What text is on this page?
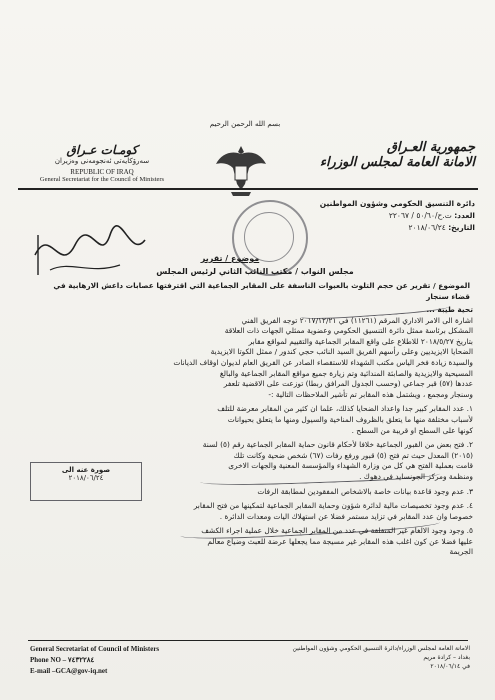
بسم الله الرحمن الرحيم
كومـات عـراق
سه‌رۆكایه‌تی ئه‌نجومه‌نی وه‌زیران
REPUBLIC OF IRAQ
General Secretariat for the Council of Ministers
جمهورية العـراق
الامانة العامة لمجلس الوزراء
دائرة التنسيق الحكومي وشؤون المواطنين
العدد: ت.ح/٥٠/٦٠ / ٢٢٠٦٧
التاريخ: ٢٠١٨/٠٦/٢٤
موضوع / تقرير
مجلس النواب / مكتب النائب الثاني لرئيس المجلس
الموضوع / تقرير عن حجم التلوث بالعبوات الناسفة على المقابر الجماعية التي اقترفتها عصابات داعش الارهابية في قضاء سنجار
تحية طيبة ...
اشارة الى الامر الاداري المرقم (١١٢٦١) في ٢٠١٧/١٢/٢١ توجه الفريق الفني
المشكل برئاسة ممثل دائرة التنسيق الحكومي وعضوية ممثلي الجهات ذات العلاقة
بتاريخ ٢٠١٨/٥/٢٧ للاطلاع على واقع المقابر الجماعية والتقييم لمواقع مقابر
الضحايا الايزيديين وعلى رأسهم الفريق السيد النائب حجي كندور / ممثل الكوتا الايزيدية
والسيدة زيادة فخر الياس مكتب الشهداء للاستقصاء الصادر عن الفريق العام لديوان اوقاف الديانات
المسيحية والايزيدية والصابئة المندائية وتم زيارة جميع مواقع المقابر الجماعية والبالغ
عددها (٥٧) قبر جماعي (وحسب الجدول المرافق ربطا) توزعت على الاقضية تلعفر
وسنجار ومجمع ، ويشتمل هذه المقابر تم تأشير الملاحظات التالية :-
١. عدد المقابر كبير جدا واعداد الضحايا كذلك، علما ان كثير من المقابر معرضة للتلف
لأسباب مختلفة منها ما يتعلق بالظروف المناخية والسيول ومنها ما يتعلق بحيوانات
كونها على السطح او قريبة من السطح .
٢. فتح بعض من القبور الجماعية خلافا لأحكام قانون حماية المقابر الجماعية رقم (٥) لسنة
(٢٠١٥) المعدل حيث تم فتح (٥) قبور ورفع رفات (٦٧) شخص ضحية وكانت تلك
قامت بعملية الفتح هي كل من وزارة الشهداء والمؤسسة المعنية والجهات الاخرى
ومنظمة ومركز الجونسايد في دهوك .
٣. عدم وجود قاعدة بيانات خاصة بالاشخاص المفقودين لمطابقة الرفات
٤. عدم وجود تخصيصات مالية لدائرة شؤون وحماية المقابر الجماعية لتمكينها من فتح المقابر
خصوصا وان عدد المقابر في تزايد مستمر فضلا عن استهلاك اليات ومعدات الدائرة .
٥. وجود وجود الالغام غير المنفلقة في عدد من المقابر الجماعية خلال عملية اجراء الكشف
عليها فضلا عن كون اغلب هذه المقابر غير مسيجة مما يجعلها عرضة للعبث وضياع معالم
الجريمة
صورة عنه الى
٢٠١٨/٠٦/٢٤
General Secretariat of Council of Ministers
Phone NO – ٧٤٣٢٢٨٤
E-mail –GCA@gov-iq.net
الامانة العامة لمجلس الوزراء/دائرة التنسيق الحكومي وشؤون المواطنين
بغداد – كرادة مريم
في ٢٠١٨/٠٦/١٤
